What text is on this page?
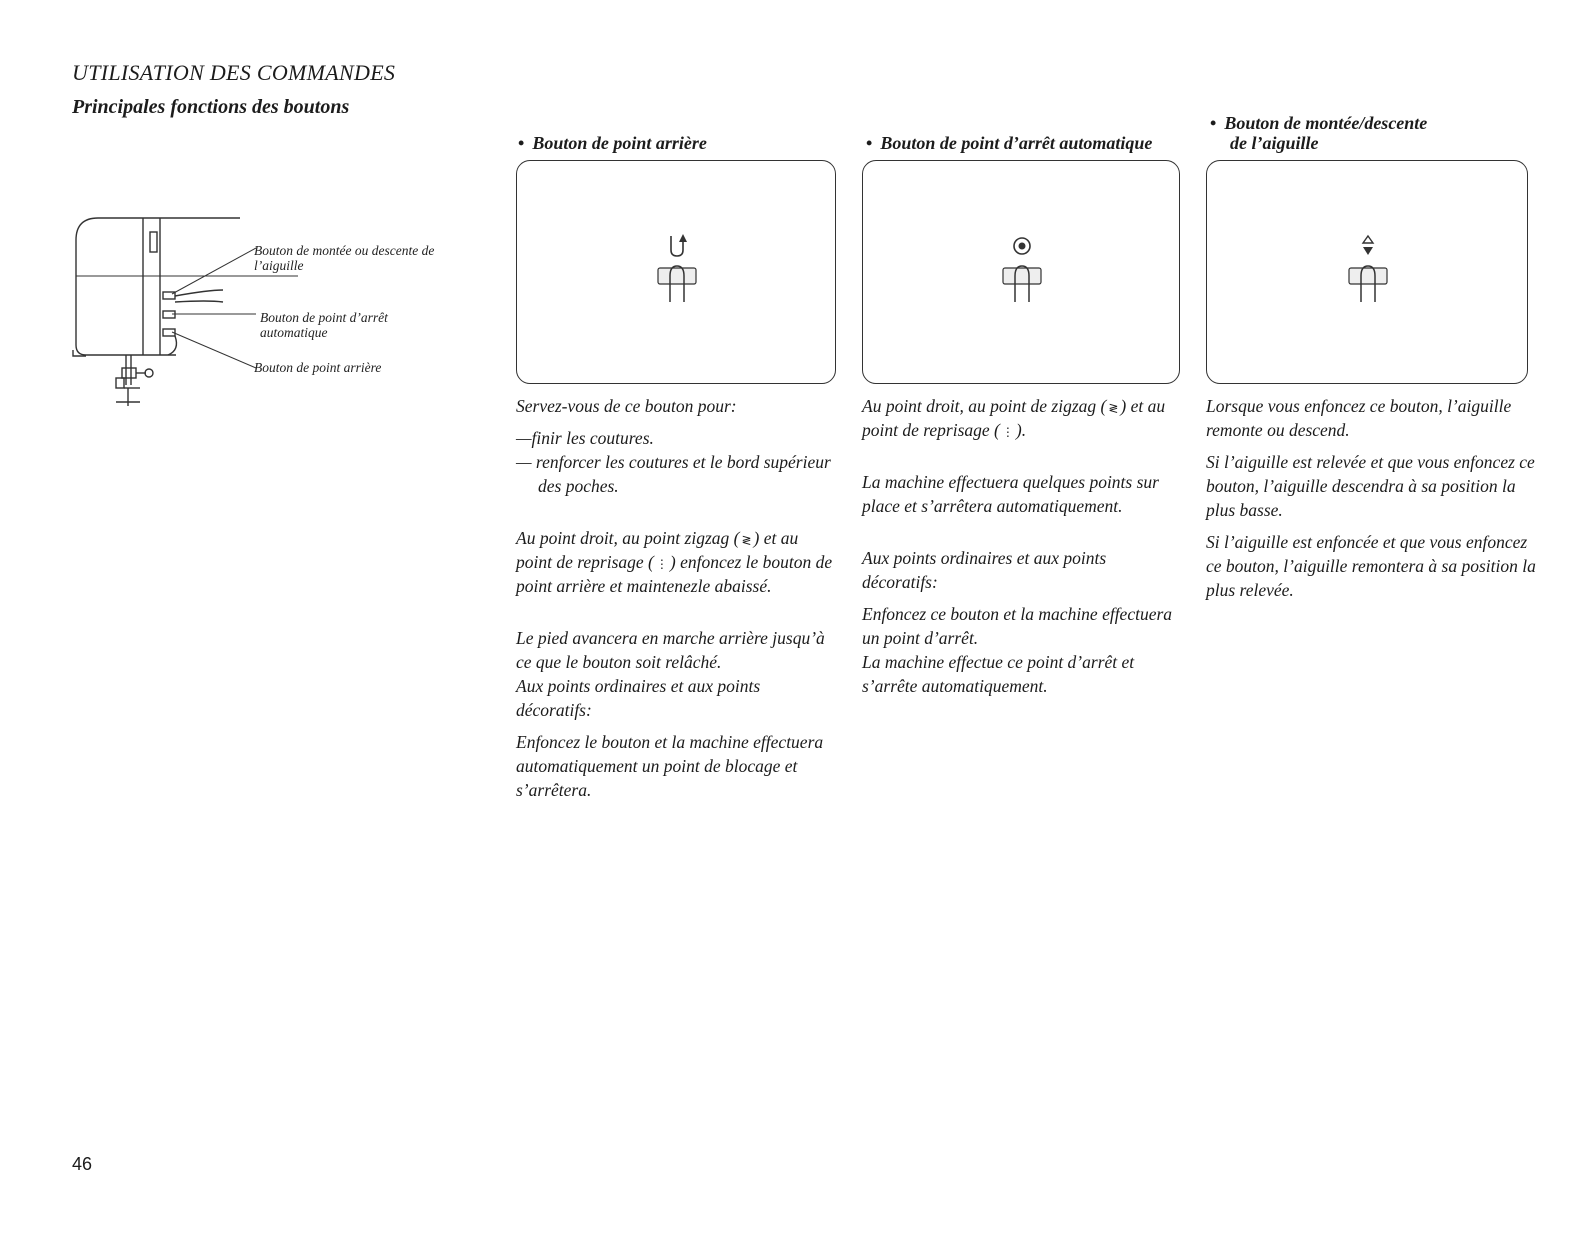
UTILISATION DES COMMANDES
Principales fonctions des boutons
Bouton de montée ou descente de l’aiguille
Bouton de point d’arrêt automatique
Bouton de point arrière
• Bouton de point arrière

Servez-vous de ce bouton pour:

—finir les coutures.
— renforcer les coutures et le bord supérieur des poches.

Au point droit, au point zigzag ( ≷ ) et au point de reprisage ( ⋮ ) enfoncez le bouton de point arrière et maintenezle abaissé.

Le pied avancera en marche arrière jusqu’à ce que le bouton soit relâché.

Aux points ordinaires et aux points décoratifs:

Enfoncez le bouton et la machine effectuera automatiquement un point de blocage et s’arrêtera.

• Bouton de point d’arrêt automatique

Au point droit, au point de zigzag ( ≷ ) et au point de reprisage ( ⋮ ).

La machine effectuera quelques points sur place et s’arrêtera automatiquement.

Aux points ordinaires et aux points décoratifs:

Enfoncez ce bouton et la machine effectuera un point d’arrêt.

La machine effectue ce point d’arrêt et s’arrête automatiquement.

• Bouton de montée/descente
de l’aiguille

Lorsque vous enfoncez ce bouton, l’aiguille remonte ou descend.

Si l’aiguille est relevée et que vous enfoncez ce bouton, l’aiguille descendra à sa position la plus basse.

Si l’aiguille est enfoncée et que vous enfoncez ce bouton, l’aiguille remontera à sa position la plus relevée.

46
